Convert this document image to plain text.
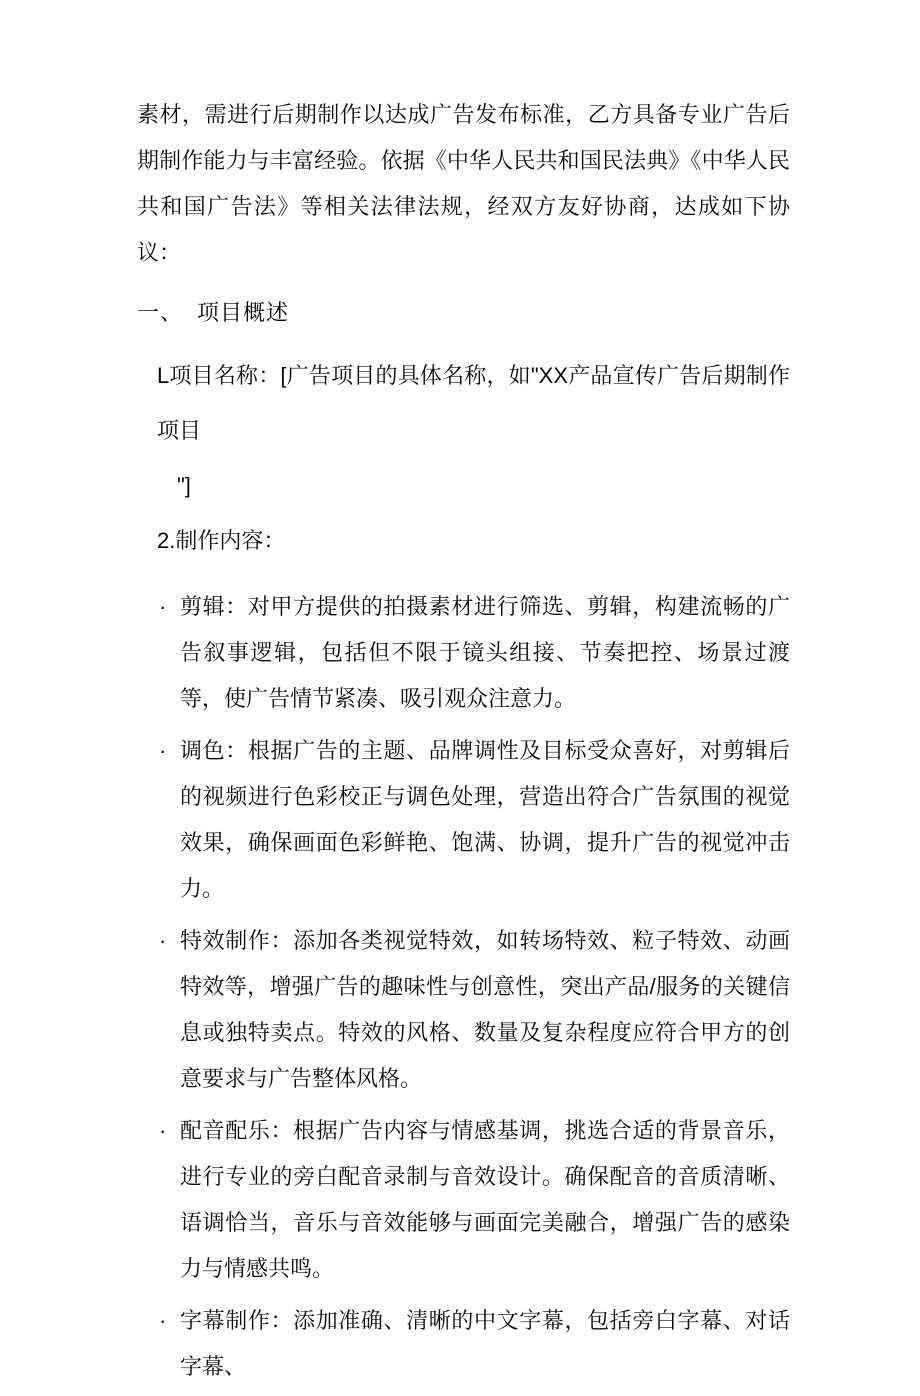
素材，需进行后期制作以达成广告发布标准，乙方具备专业广告后期制作能力与丰富经验。依据《中华人民共和国民法典》《中华人民共和国广告法》等相关法律法规，经双方友好协商，达成如下协议：

一、 项目概述
L项目名称：[广告项目的具体名称，如"XX产品宣传广告后期制作项目
"]
2.制作内容：
· 剪辑：对甲方提供的拍摄素材进行筛选、剪辑，构建流畅的广告叙事逻辑，包括但不限于镜头组接、节奏把控、场景过渡等，使广告情节紧凑、吸引观众注意力。
· 调色：根据广告的主题、品牌调性及目标受众喜好，对剪辑后的视频进行色彩校正与调色处理，营造出符合广告氛围的视觉效果，确保画面色彩鲜艳、饱满、协调，提升广告的视觉冲击力。
· 特效制作：添加各类视觉特效，如转场特效、粒子特效、动画特效等，增强广告的趣味性与创意性，突出产品/服务的关键信息或独特卖点。特效的风格、数量及复杂程度应符合甲方的创意要求与广告整体风格。
· 配音配乐：根据广告内容与情感基调，挑选合适的背景音乐，进行专业的旁白配音录制与音效设计。确保配音的音质清晰、语调恰当，音乐与音效能够与画面完美融合，增强广告的感染力与情感共鸣。
· 字幕制作：添加准确、清晰的中文字幕，包括旁白字幕、对话字幕、
